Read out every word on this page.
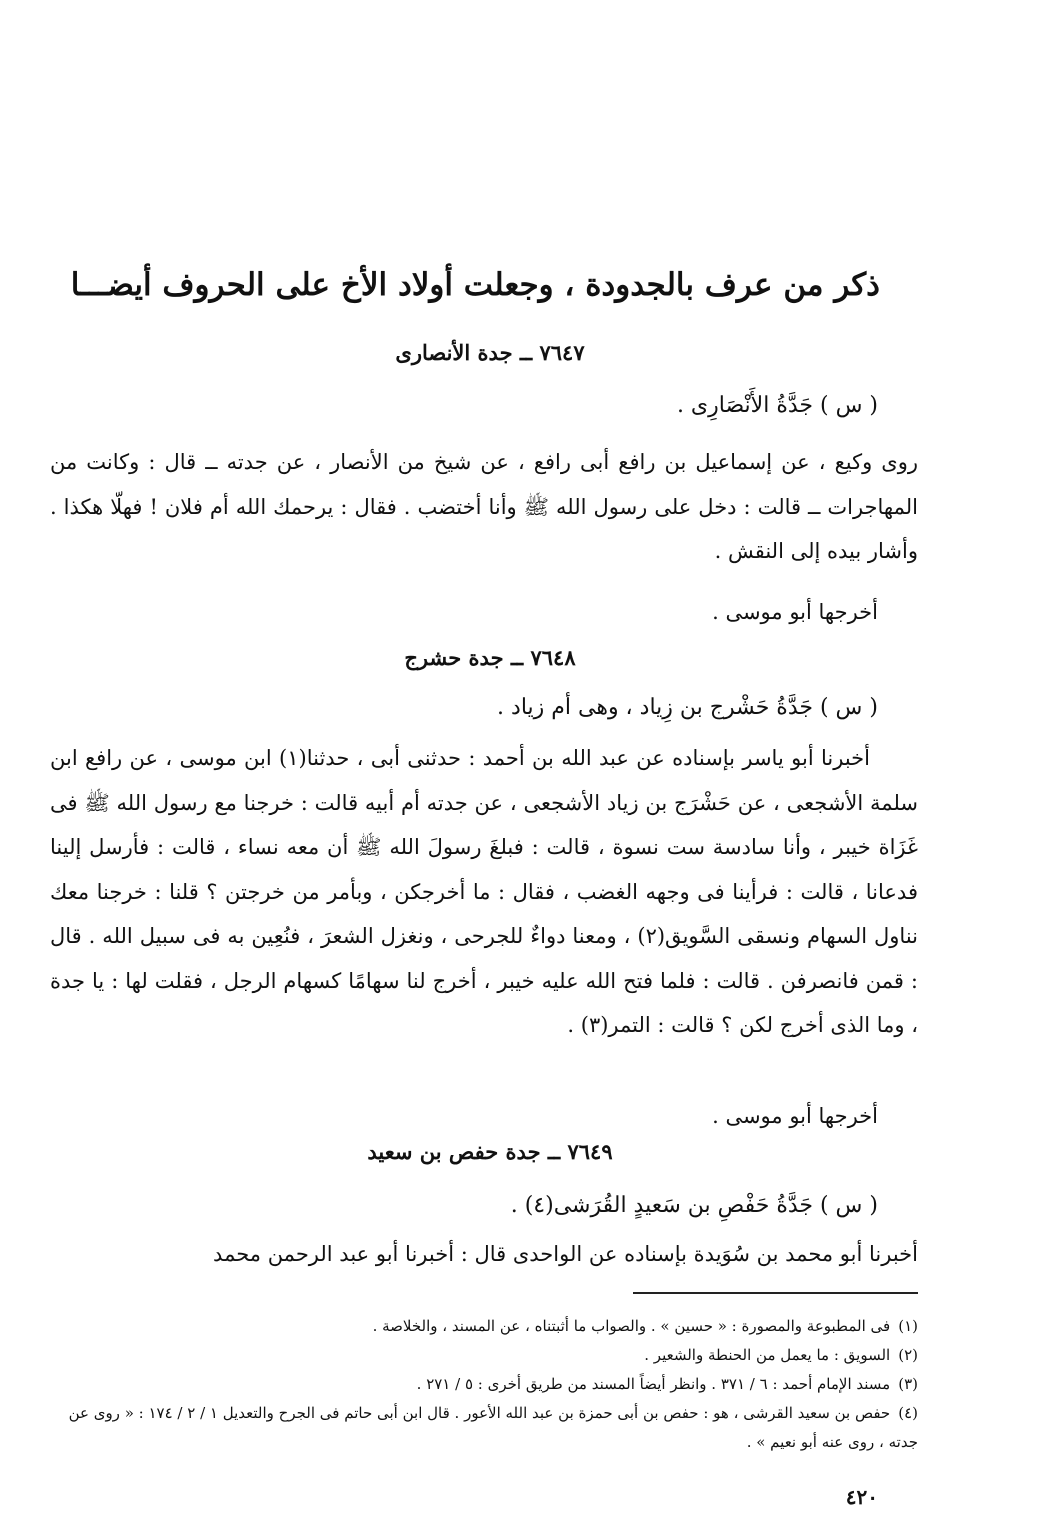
ذكر من عرف بالجدودة ، وجعلت أولاد الأخ على الحروف أيضـــا
٧٦٤٧ ــ جدة الأنصارى
( س ) جَدَّةُ الأَنْصَارِى .
روى وكيع ، عن إسماعيل بن رافع أبى رافع ، عن شيخ من الأنصار ، عن جدته ــ قال : وكانت من المهاجرات ــ قالت : دخل على رسول الله ﷺ وأنا أختضب . فقال : يرحمك الله أم فلان ! فهلّا هكذا . وأشار بيده إلى النقش .
أخرجها أبو موسى .
٧٦٤٨ ــ جدة حشرج
( س ) جَدَّةُ حَشْرج بن زِياد ، وهى أم زياد .
أخبرنا أبو ياسر بإسناده عن عبد الله بن أحمد : حدثنى أبى ، حدثنا(١) ابن موسى ، عن رافع ابن سلمة الأشجعى ، عن حَشْرَج بن زياد الأشجعى ، عن جدته أم أبيه قالت : خرجنا مع رسول الله ﷺ فى غَزَاة خيبر ، وأنا سادسة ست نسوة ، قالت : فبلغَ رسولَ الله ﷺ أن معه نساء ، قالت : فأرسل إلينا فدعانا ، قالت : فرأينا فى وجهه الغضب ، فقال : ما أخرجكن ، وبأمر من خرجتن ؟ قلنا : خرجنا معك نناول السهام ونسقى السَّويق(٢) ، ومعنا دواءٌ للجرحى ، ونغزل الشعرَ ، فنُعِين به فى سبيل الله . قال : قمن فانصرفن . قالت : فلما فتح الله عليه خيبر ، أخرج لنا سهامًا كسهام الرجل ، فقلت لها : يا جدة ، وما الذى أخرج لكن ؟ قالت : التمر(٣) .
أخرجها أبو موسى .
٧٦٤٩ ــ جدة حفص بن سعيد
( س ) جَدَّةُ حَفْصِ بن سَعيدٍ القُرَشى(٤) .
أخبرنا أبو محمد بن سُوَيدة بإسناده عن الواحدى قال : أخبرنا أبو عبد الرحمن محمد

(١)فى المطبوعة والمصورة : « حسين » . والصواب ما أثبتناه ، عن المسند ، والخلاصة .

(٢)السويق : ما يعمل من الحنطة والشعير .

(٣)مسند الإمام أحمد : ٦ / ٣٧١ . وانظر أيضاً المسند من طريق أخرى : ٥ / ٢٧١ .

(٤)حفص بن سعيد القرشى ، هو : حفص بن أبى حمزة بن عبد الله الأعور . قال ابن أبى حاتم فى الجرح والتعديل ١ / ٢ / ١٧٤ : « روى عن جدته ، روى عنه أبو نعيم » .

٤٢٠
